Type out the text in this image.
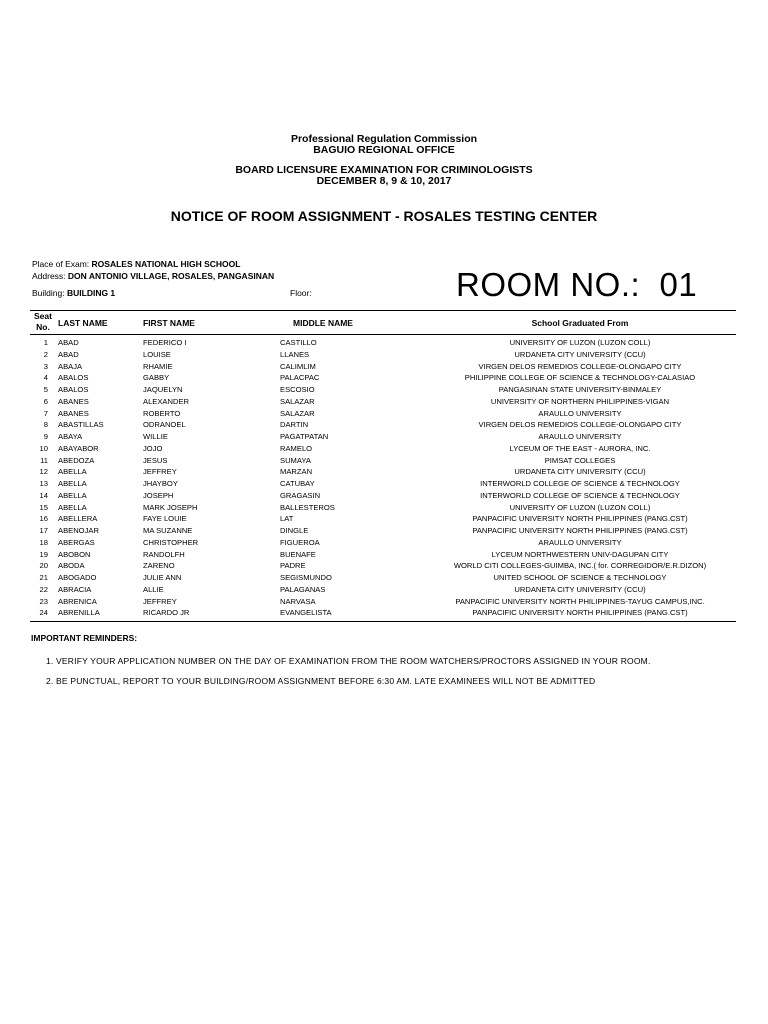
Professional Regulation Commission
BAGUIO REGIONAL OFFICE
BOARD LICENSURE EXAMINATION FOR CRIMINOLOGISTS
DECEMBER 8, 9 & 10, 2017
NOTICE OF ROOM ASSIGNMENT - ROSALES TESTING CENTER
Place of Exam: ROSALES NATIONAL HIGH SCHOOL
Address: DON ANTONIO VILLAGE, ROSALES, PANGASINAN
Building: BUILDING 1	Floor:	ROOM NO.:  01
Seat No. LAST NAME	FIRST NAME	MIDDLE NAME	School Graduated From
1 ABAD	FEDERICO I	CASTILLO	UNIVERSITY OF LUZON (LUZON COLL)
2 ABAD	LOUISE	LLANES	URDANETA CITY UNIVERSITY (CCU)
3 ABAJA	RHAMIE	CALIMLIM	VIRGEN DELOS REMEDIOS COLLEGE-OLONGAPO CITY
4 ABALOS	GABBY	PALACPAC	PHILIPPINE COLLEGE OF SCIENCE & TECHNOLOGY-CALASIAO
5 ABALOS	JAQUELYN	ESCOSIO	PANGASINAN STATE UNIVERSITY-BINMALEY
6 ABANES	ALEXANDER	SALAZAR	UNIVERSITY OF NORTHERN PHILIPPINES-VIGAN
7 ABANES	ROBERTO	SALAZAR	ARAULLO UNIVERSITY
8 ABASTILLAS	ODRANOEL	DARTIN	VIRGEN DELOS REMEDIOS COLLEGE-OLONGAPO CITY
9 ABAYA	WILLIE	PAGATPATAN	ARAULLO UNIVERSITY
10 ABAYABOR	JOJO	RAMELO	LYCEUM OF THE EAST - AURORA, INC.
11 ABEDOZA	JESUS	SUMAYA	PIMSAT COLLEGES
12 ABELLA	JEFFREY	MARZAN	URDANETA CITY UNIVERSITY (CCU)
13 ABELLA	JHAYBOY	CATUBAY	INTERWORLD COLLEGE OF SCIENCE & TECHNOLOGY
14 ABELLA	JOSEPH	GRAGASIN	INTERWORLD COLLEGE OF SCIENCE & TECHNOLOGY
15 ABELLA	MARK JOSEPH	BALLESTEROS	UNIVERSITY OF LUZON (LUZON COLL)
16 ABELLERA	FAYE LOUIE	LAT	PANPACIFIC UNIVERSITY NORTH PHILIPPINES (PANG.CST)
17 ABENOJAR	MA SUZANNE	DINGLE	PANPACIFIC UNIVERSITY NORTH PHILIPPINES (PANG.CST)
18 ABERGAS	CHRISTOPHER	FIGUEROA	ARAULLO UNIVERSITY
19 ABOBON	RANDOLFH	BUENAFE	LYCEUM NORTHWESTERN UNIV-DAGUPAN CITY
20 ABODA	ZARENO	PADRE	WORLD CITI COLLEGES-GUIMBA, INC.( for. CORREGIDOR/E.R.DIZON)
21 ABOGADO	JULIE ANN	SEGISMUNDO	UNITED SCHOOL OF SCIENCE & TECHNOLOGY
22 ABRACIA	ALLIE	PALAGANAS	URDANETA CITY UNIVERSITY (CCU)
23 ABRENICA	JEFFREY	NARVASA	PANPACIFIC UNIVERSITY NORTH PHILIPPINES-TAYUG CAMPUS,INC.
24 ABRENILLA	RICARDO JR	EVANGELISTA	PANPACIFIC UNIVERSITY NORTH PHILIPPINES (PANG.CST)
IMPORTANT REMINDERS:
1. VERIFY YOUR APPLICATION NUMBER ON THE DAY OF EXAMINATION FROM THE ROOM WATCHERS/PROCTORS ASSIGNED IN YOUR ROOM.
2. BE PUNCTUAL, REPORT TO YOUR BUILDING/ROOM ASSIGNMENT BEFORE 6:30 AM. LATE EXAMINEES WILL NOT BE ADMITTED
